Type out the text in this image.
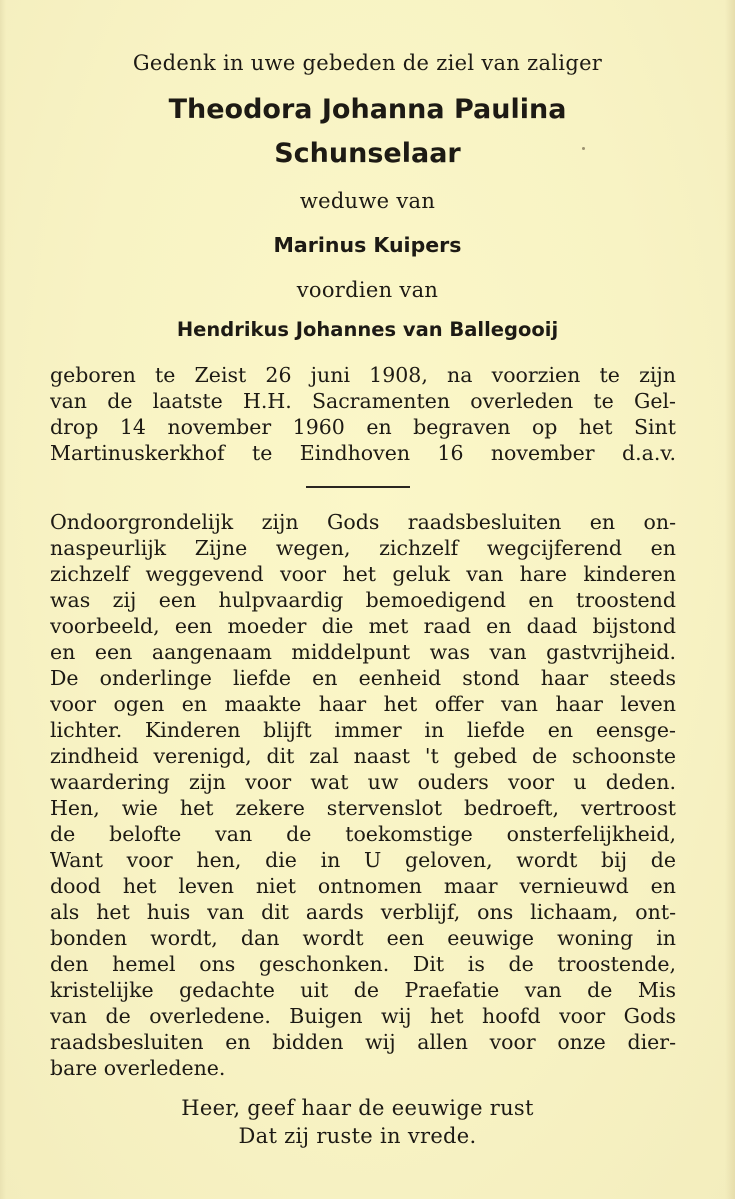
Gedenk in uwe gebeden de ziel van zaliger
Theodora Johanna Paulina
Schunselaar
weduwe van
Marinus Kuipers
voordien van
Hendrikus Johannes van Ballegooij
geboren te Zeist 26 juni 1908, na voorzien te zijn
van de laatste H.H. Sacramenten overleden te Gel-
drop 14 november 1960 en begraven op het Sint
Martinuskerkhof te Eindhoven 16 november d.a.v.
Ondoorgrondelijk zijn Gods raadsbesluiten en on-
naspeurlijk Zijne wegen, zichzelf wegcijferend en
zichzelf weggevend voor het geluk van hare kinderen
was zij een hulpvaardig bemoedigend en troostend
voorbeeld, een moeder die met raad en daad bijstond
en een aangenaam middelpunt was van gastvrijheid.
De onderlinge liefde en eenheid stond haar steeds
voor ogen en maakte haar het offer van haar leven
lichter. Kinderen blijft immer in liefde en eensge-
zindheid verenigd, dit zal naast 't gebed de schoonste
waardering zijn voor wat uw ouders voor u deden.
Hen, wie het zekere stervenslot bedroeft, vertroost
de belofte van de toekomstige onsterfelijkheid,
Want voor hen, die in U geloven, wordt bij de
dood het leven niet ontnomen maar vernieuwd en
als het huis van dit aards verblijf, ons lichaam, ont-
bonden wordt, dan wordt een eeuwige woning in
den hemel ons geschonken. Dit is de troostende,
kristelijke gedachte uit de Praefatie van de Mis
van de overledene. Buigen wij het hoofd voor Gods
raadsbesluiten en bidden wij allen voor onze dier-
bare overledene.
Heer, geef haar de eeuwige rust
Dat zij ruste in vrede.
